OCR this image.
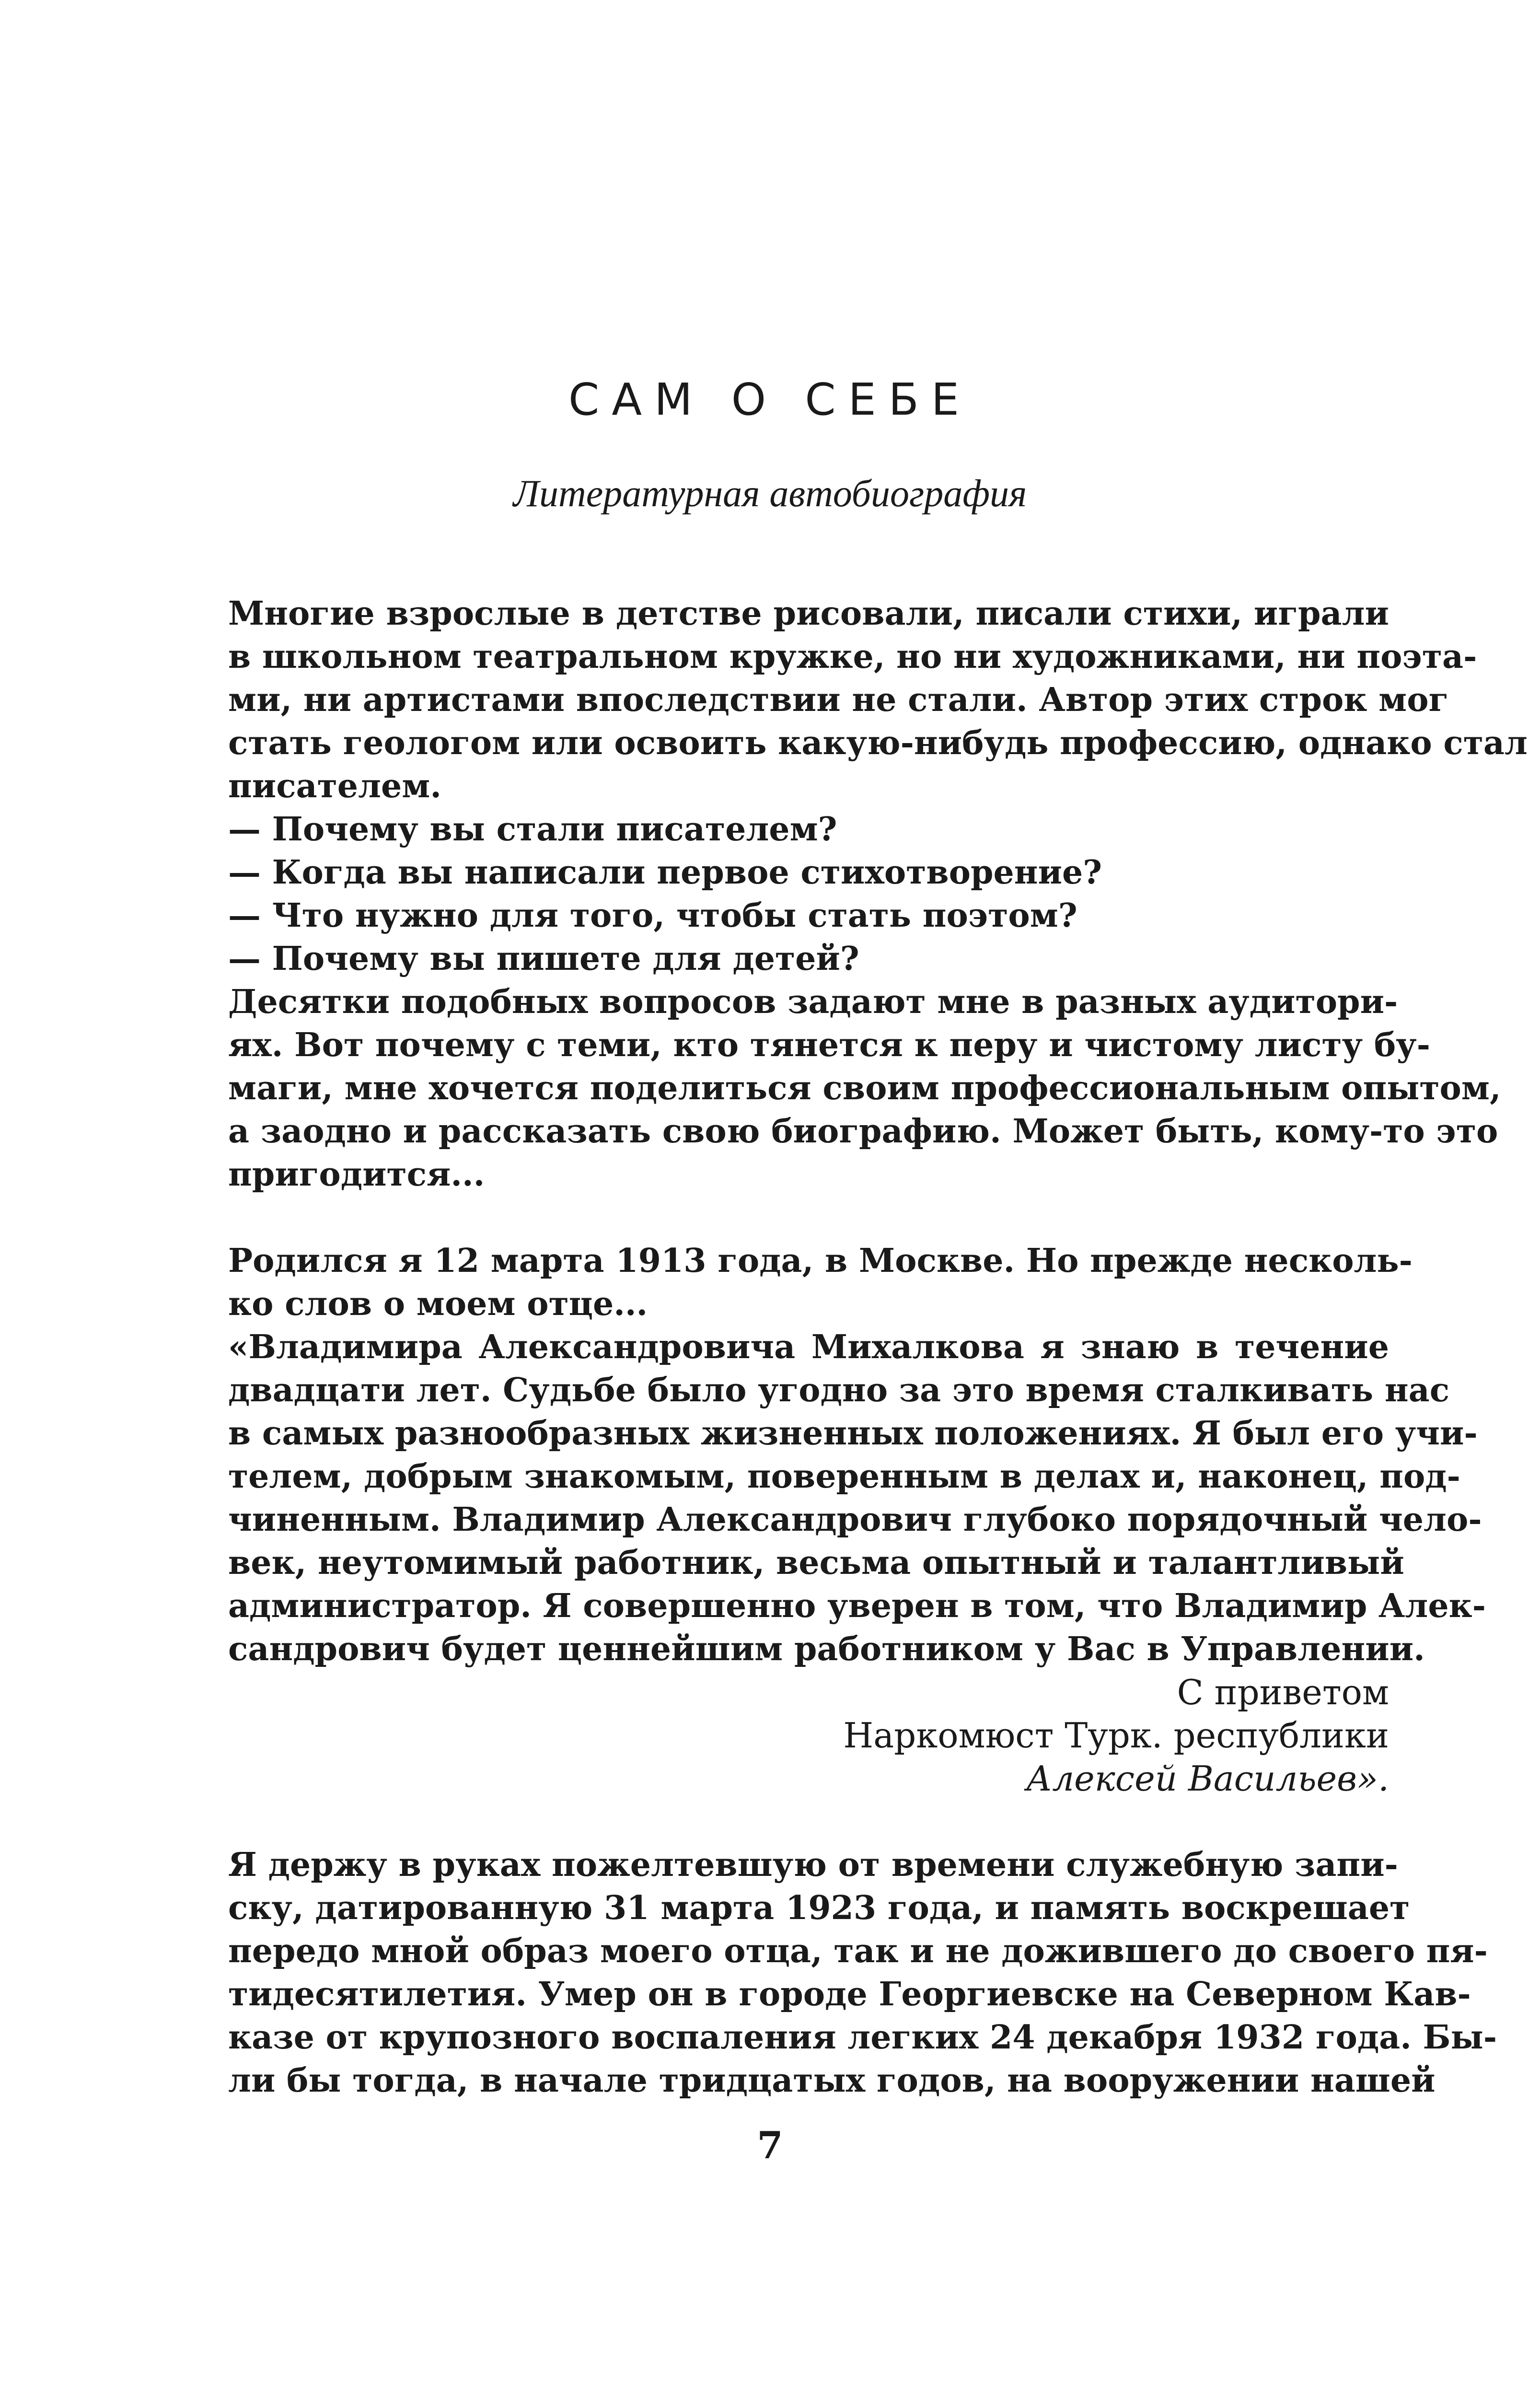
САМ О СЕБЕ
Литературная автобиография
Многие взрослые в детстве рисовали, писали стихи, играли
в школьном театральном кружке, но ни художниками, ни поэта-
ми, ни артистами впоследствии не стали. Автор этих строк мог
стать геологом или освоить какую-нибудь профессию, однако стал
писателем.
— Почему вы стали писателем?
— Когда вы написали первое стихотворение?
— Что нужно для того, чтобы стать поэтом?
— Почему вы пишете для детей?
Десятки подобных вопросов задают мне в разных аудитори-
ях. Вот почему с теми, кто тянется к перу и чистому листу бу-
маги, мне хочется поделиться своим профессиональным опытом,
а заодно и рассказать свою биографию. Может быть, кому-то это
пригодится...
Родился я 12 марта 1913 года, в Москве. Но прежде несколь-
ко слов о моем отце...
«Владимира Александровича Михалкова я знаю в течение
двадцати лет. Судьбе было угодно за это время сталкивать нас
в самых разнообразных жизненных положениях. Я был его учи-
телем, добрым знакомым, поверенным в делах и, наконец, под-
чиненным. Владимир Александрович глубоко порядочный чело-
век, неутомимый работник, весьма опытный и талантливый
администратор. Я совершенно уверен в том, что Владимир Алек-
сандрович будет ценнейшим работником у Вас в Управлении.
С приветом
Наркомюст Турк. республики
Алексей Васильев».
Я держу в руках пожелтевшую от времени служебную запи-
ску, датированную 31 марта 1923 года, и память воскрешает
передо мной образ моего отца, так и не дожившего до своего пя-
тидесятилетия. Умер он в городе Георгиевске на Северном Кав-
казе от крупозного воспаления легких 24 декабря 1932 года. Бы-
ли бы тогда, в начале тридцатых годов, на вооружении нашей
7
